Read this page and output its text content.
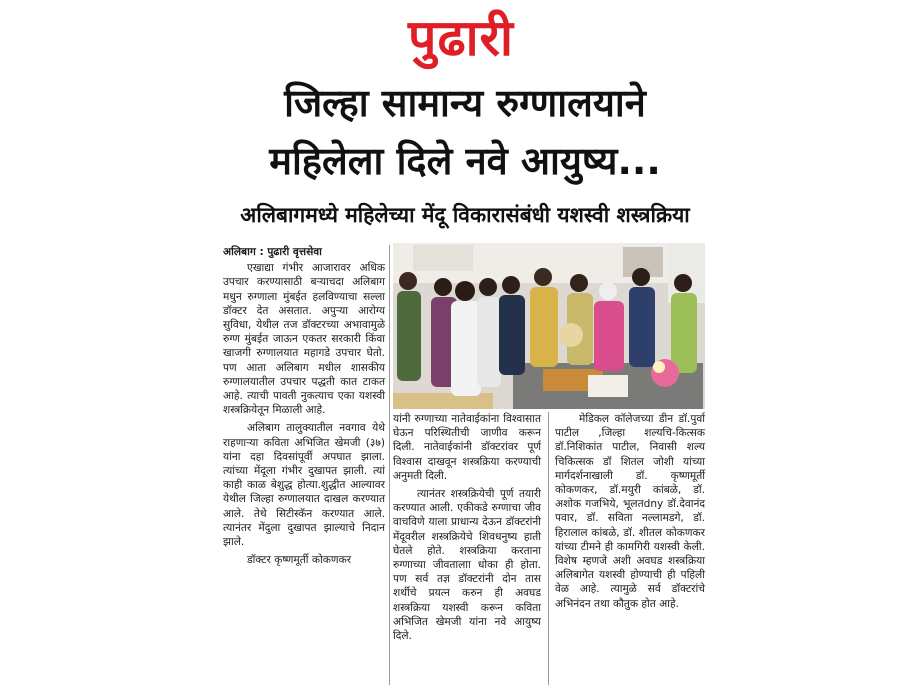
पुढारी
जिल्हा सामान्य रुग्णालयाने
महिलेला दिले नवे आयुष्य...
अलिबागमध्ये महिलेच्या मेंदू विकारासंबंधी यशस्वी शस्त्रक्रिया
अलिबाग : पुढारी वृत्तसेवा

एखाद्या गंभीर आजारावर अधिक उपचार करण्यासाठी बऱ्याचदा अलिबाग मधुन रुग्णाला मुंबईत हलविण्याचा सल्ला डॉक्टर देत असतात. अपुऱ्या आरोग्य सुविधा, येथील तज डॉक्टरच्या अभावामुळे रुग्ण मुंबईत जाऊन एकतर सरकारी किंवा खाजगी रुग्णालयात महागडे उपचार घेतो. पण आता अलिबाग मधील शासकीय रुग्णालयातील उपचार पद्धती कात टाकत आहे. त्याची पावती नुकत्याच एका यशस्वी शस्त्रक्रियेतून मिळाली आहे.

अलिबाग तालुक्यातील नवगाव येथे राहणाऱ्या कविता अभिजित खेमजी (३७) यांना दहा दिवसांपूर्वी अपघात झाला. त्यांच्या मेंदूला गंभीर दुखापत झाली. त्यां काही काळ बेशुद्ध होत्या.शुद्धीत आल्यावर येथील जिल्हा रुग्णालयात दाखल करण्यात आले. तेथे सिटीस्कॅन करण्यात आले. त्यानंतर मेंदुला दुखापत झाल्याचे निदान झाले.

डॉक्टर कृष्णमूर्ती कोकणकर

यांनी रुग्णाच्या नातेवाईकांना विश्वासात घेऊन परिस्थितीची जाणीव करून दिली. नातेवाईकांनी डॉक्टरांवर पूर्ण विश्वास दाखवून शस्त्रक्रिया करण्याची अनुमती दिली.

त्यानंतर शस्त्रक्रियेची पूर्ण तयारी करण्यात आली. एकीकडे रुग्णाचा जीव वाचविणे याला प्राधान्य देऊन डॉक्टरांनी मेंदूवरील शस्त्रक्रियेचे शिवधनुष्य हाती घेतले होते. शस्त्रक्रिया करताना रुग्णाच्या जीवतालाा धोका ही होता. पण सर्व तज्ञ डॉक्टरांनी दोन तास शर्थीचे प्रयत्न करुन ही अवघड शस्त्रक्रिया यशस्वी करून कविता अभिजित खेमजी यांना नवे आयुष्य दिले.

मेडिकल कॉलेजच्या डीन डॉ.पुर्वा पाटील ,जिल्हा शल्यचि-कित्सक डॉ.निशिकांत पाटील, निवासी शल्य चिकित्सक डॉ शितल जोशी यांच्या मार्गदर्शनाखाली डॉ. कृष्णमूर्ती कोकणकर, डॉ.मयुरी कांबळे, डॉ. अशोक गजभिये, भूलतdny डॉ.देवानंद पवार, डॉ. सविता नल्लामडगे, डॉ. हिरालाल कांबळे, डॉ. शीतल कोकणकर यांच्या टीमने ही कामगिरी यशस्वी केली. विशेष म्हणजे अशी अवघड शस्त्रक्रिया अलिबागेत यशस्वी होण्याची ही पहिली वेळ आहे. त्यामुळे सर्व डॉक्टरांचे अभिनंदन तथा कौतुक होत आहे.
